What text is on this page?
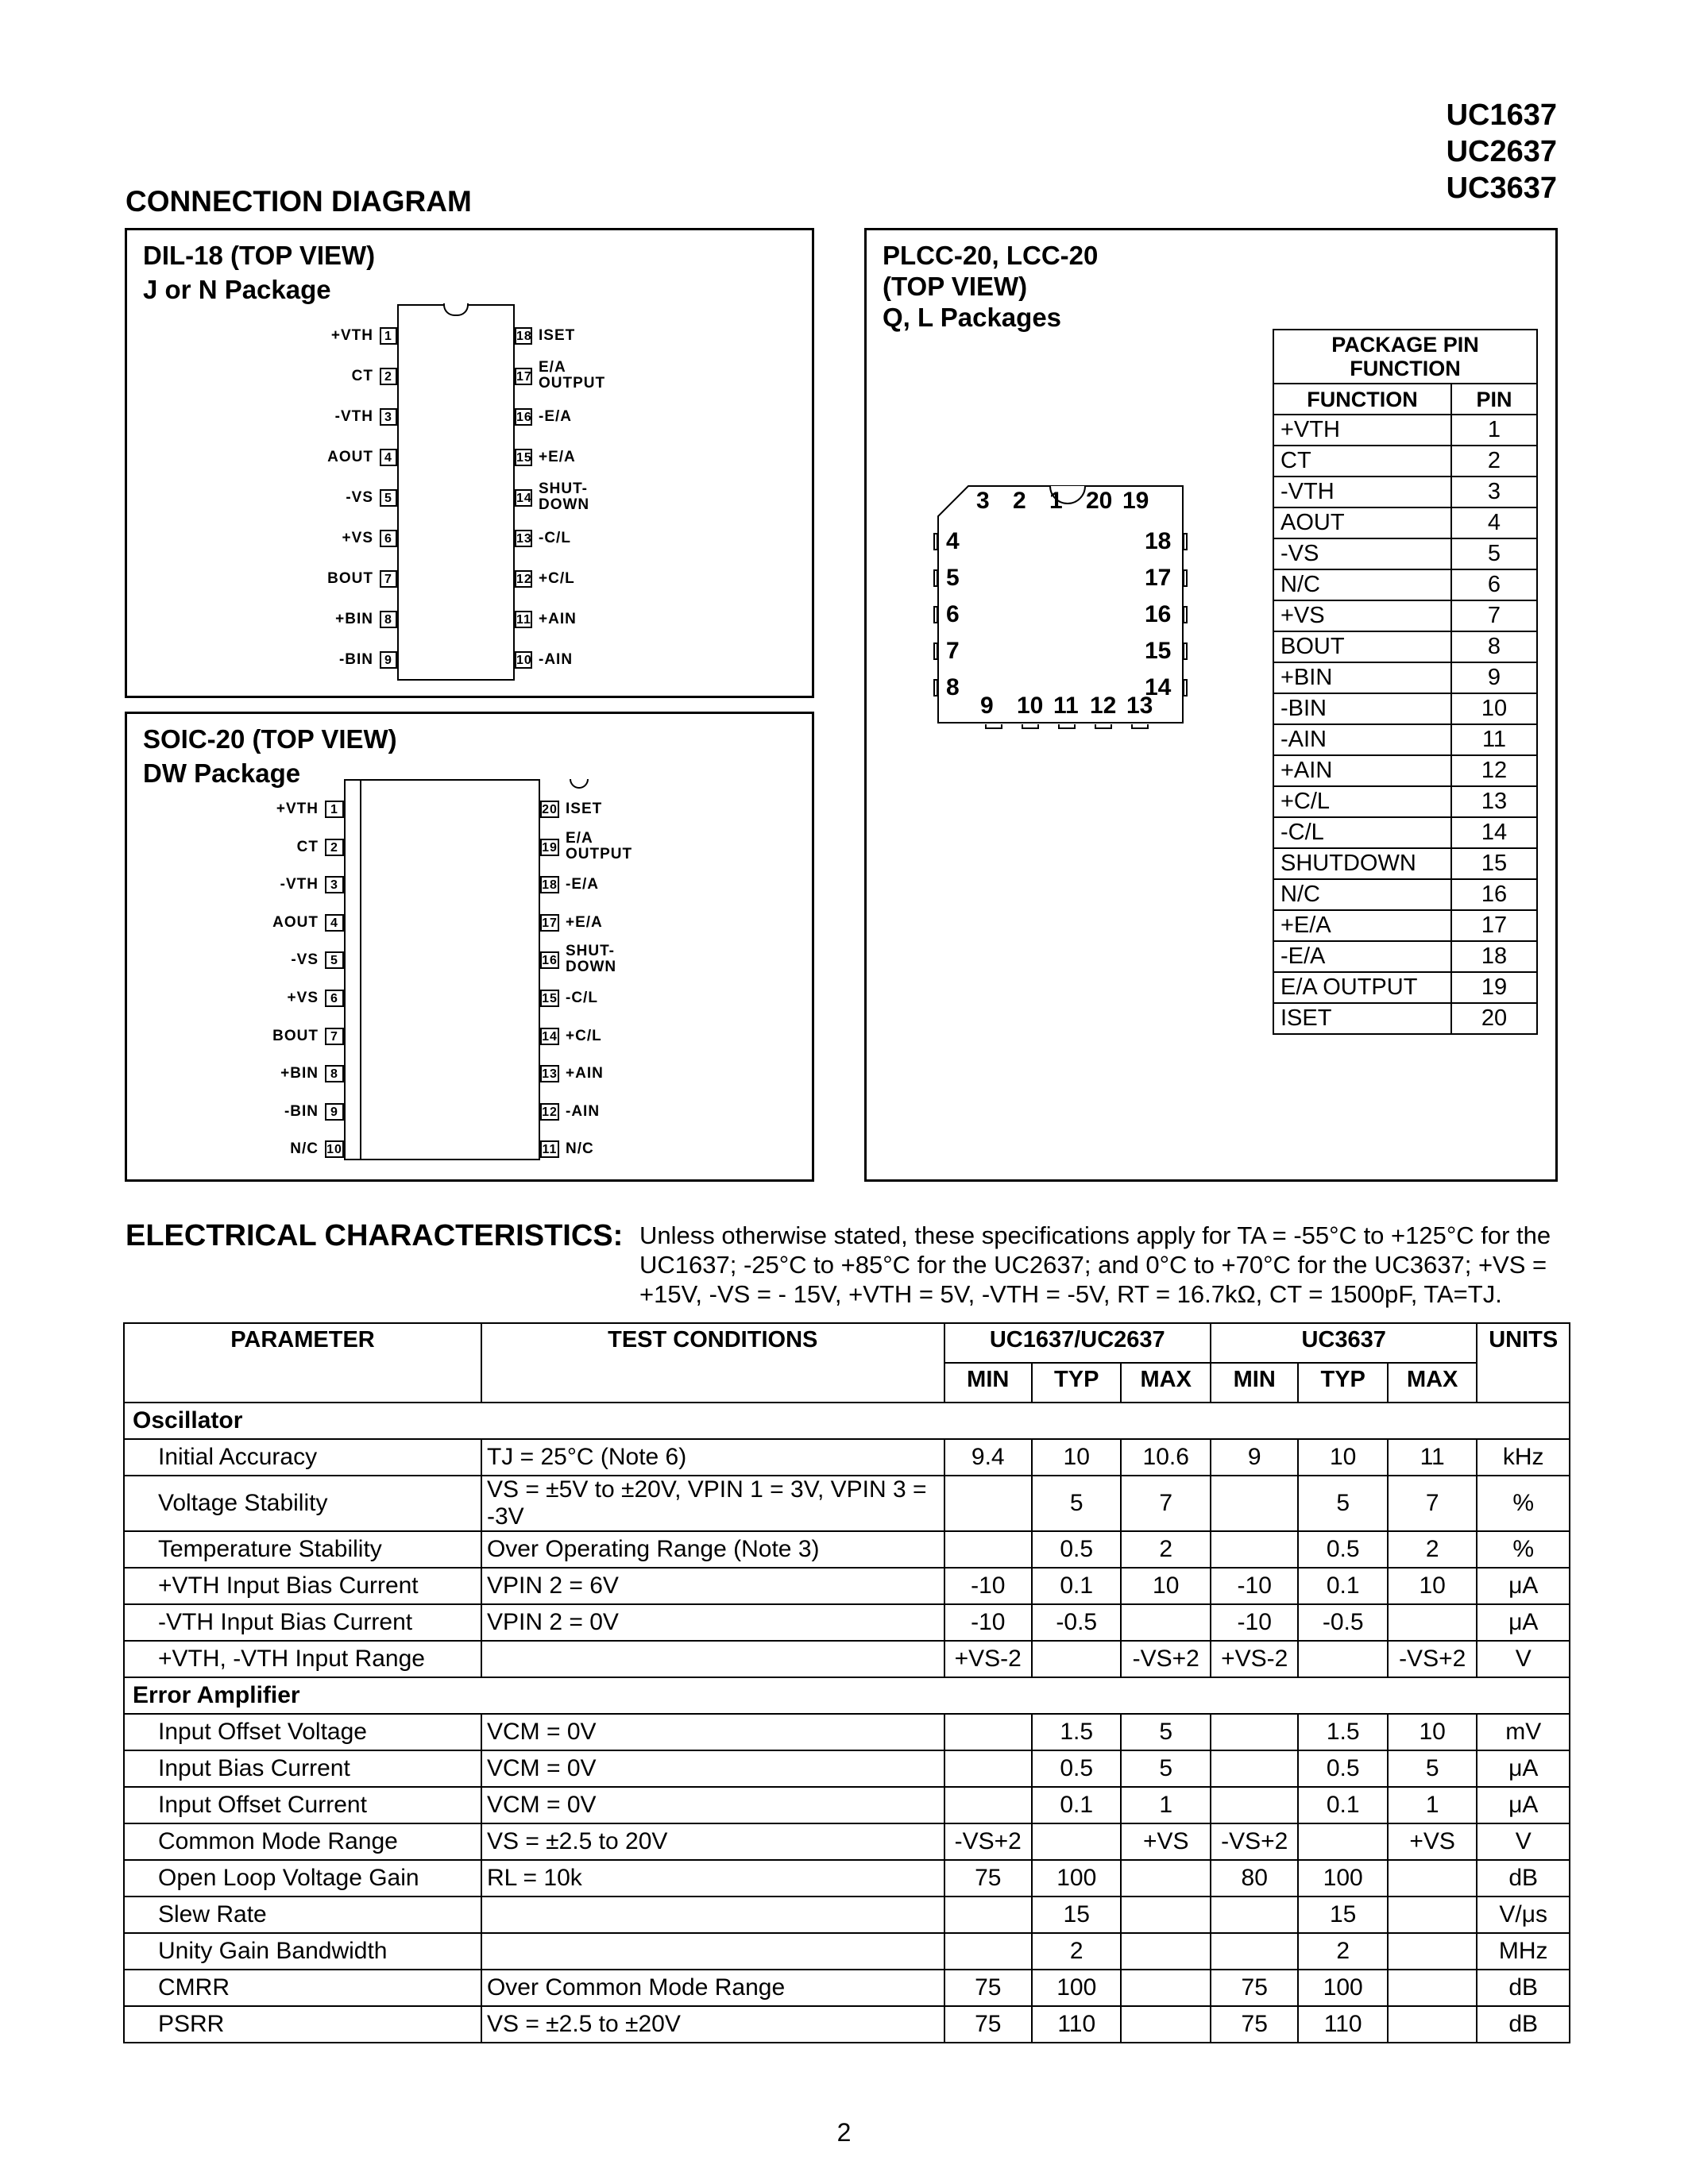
UC1637
UC2637
UC3637
CONNECTION DIAGRAM
DIL-18 (TOP VIEW)
J or N Package
+VTH 1
CT 2
-VTH 3
AOUT 4
-VS 5
+VS 6
BOUT 7
+BIN 8
-BIN 9
18 ISET
17
E/A
OUTPUT
16 -E/A
15 +E/A
14
SHUT-
DOWN
13 -C/L
12 +C/L
11 +AIN
10 -AIN
SOIC-20 (TOP VIEW)
DW Package
+VTH 1
CT 2
-VTH 3
AOUT 4
-VS 5
+VS 6
BOUT 7
+BIN 8
-BIN 9
N/C 10
20 ISET
19
E/A
OUTPUT
18 -E/A
17 +E/A
16
SHUT-
DOWN
15 -C/L
14 +C/L
13 +AIN
12 -AIN
11 N/C
PLCC-20, LCC-20
(TOP VIEW)
Q, L Packages
3 2 1 20 19
9 10 11 12 13
4
5
6
7
8
18
17
16
15
14
PACKAGE PIN FUNCTION	
FUNCTION	PIN
+VTH	1
CT	2
-VTH	3
AOUT	4
-VS	5
N/C	6
+VS	7
BOUT	8
+BIN	9
-BIN	10
-AIN	11
+AIN	12
+C/L	13
-C/L	14
SHUTDOWN	15
N/C	16
+E/A	17
-E/A	18
E/A OUTPUT	19
ISET	20
ELECTRICAL CHARACTERISTICS: Unless otherwise stated, these specifications apply for TA = -55°C to +125°C for the UC1637; -25°C to +85°C for the UC2637; and 0°C to +70°C for the UC3637; +VS = +15V, -VS = - 15V, +VTH = 5V, -VTH = -5V, RT = 16.7kΩ, CT = 1500pF, TA=TJ.
PARAMETER	TEST CONDITIONS	UC1637/UC2637			UC3637			UNITS
		MIN	TYP	MAX	MIN	TYP	MAX	
Oscillator								
Initial Accuracy	TJ = 25°C (Note 6)	9.4	10	10.6	9	10	11	kHz
Voltage Stability	VS = ±5V to ±20V, VPIN 1 = 3V, VPIN 3 = -3V		5	7		5	7	%
Temperature Stability	Over Operating Range (Note 3)		0.5	2		0.5	2	%
+VTH Input Bias Current	VPIN 2 = 6V	-10	0.1	10	-10	0.1	10	μA
-VTH Input Bias Current	VPIN 2 = 0V	-10	-0.5		-10	-0.5		μA
+VTH, -VTH Input Range		+VS-2		-VS+2	+VS-2		-VS+2	V
Error Amplifier								
Input Offset Voltage	VCM = 0V		1.5	5		1.5	10	mV
Input Bias Current	VCM = 0V		0.5	5		0.5	5	μA
Input Offset Current	VCM = 0V		0.1	1		0.1	1	μA
Common Mode Range	VS = ±2.5 to 20V	-VS+2		+VS	-VS+2		+VS	V
Open Loop Voltage Gain	RL = 10k	75	100		80	100		dB
Slew Rate			15			15		V/μs
Unity Gain Bandwidth			2			2		MHz
CMRR	Over Common Mode Range	75	100		75	100		dB
PSRR	VS = ±2.5 to ±20V	75	110		75	110		dB
2
